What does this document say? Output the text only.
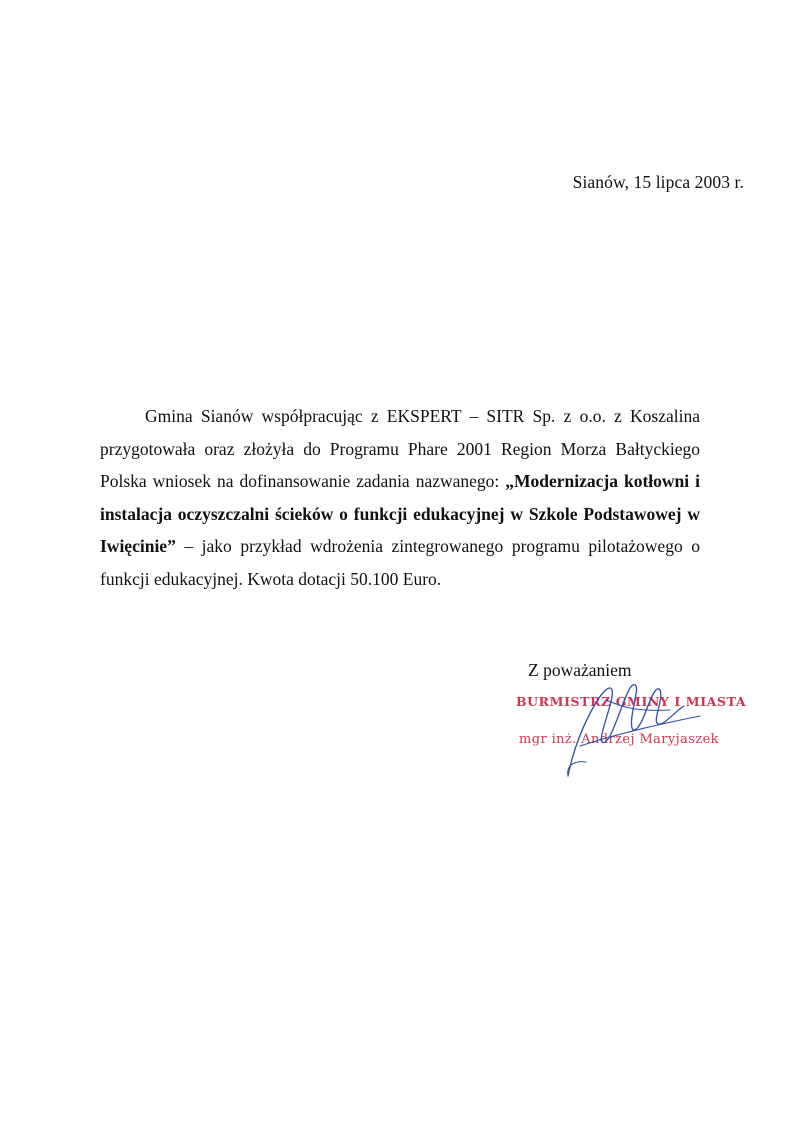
Sianów, 15 lipca 2003 r.
Gmina Sianów współpracując z EKSPERT – SITR Sp. z o.o. z Koszalina przygotowała oraz złożyła do Programu Phare 2001 Region Morza Bałtyckiego Polska wniosek na dofinansowanie zadania nazwanego: „Modernizacja kotłowni i instalacja oczyszczalni ścieków o funkcji edukacyjnej w Szkole Podstawowej w Iwięcinie” – jako przykład wdrożenia zintegrowanego programu pilotażowego o funkcji edukacyjnej. Kwota dotacji 50.100 Euro.
Z poważaniem
BURMISTRZ GMINY I MIASTA
mgr inż. Andrzej Maryjaszek
